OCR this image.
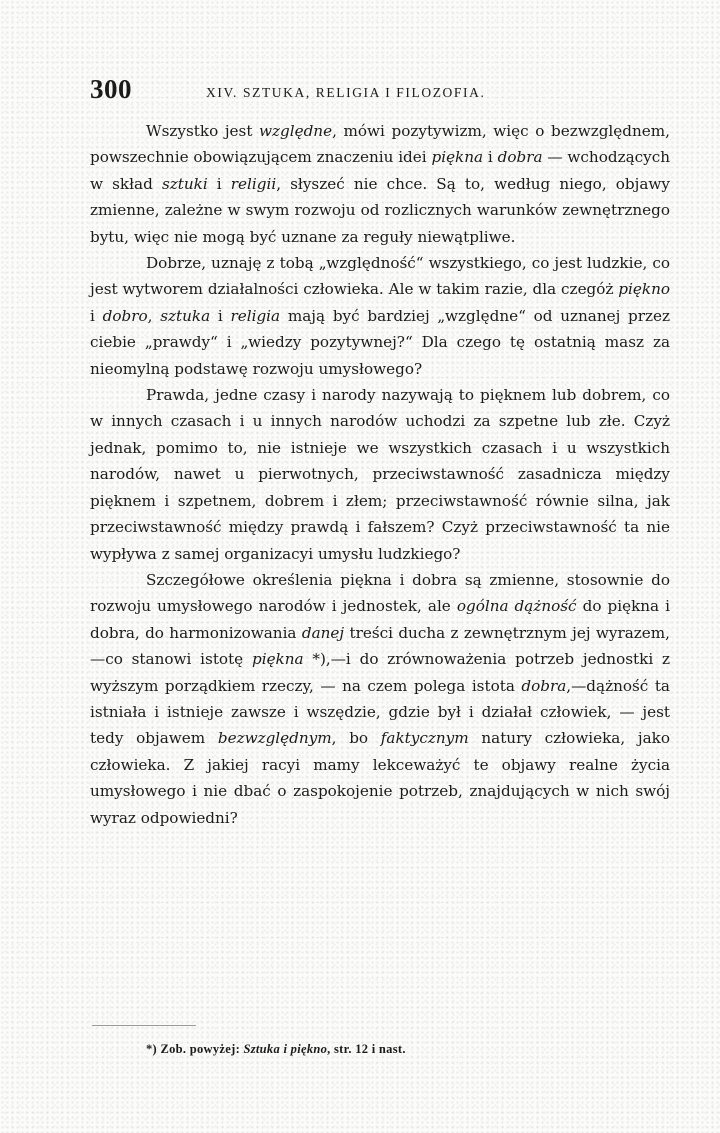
300	XIV. SZTUKA, RELIGIA I FILOZOFIA.

Wszystko jest względne, mówi pozytywizm, więc o bezwzględnem, powszechnie obowiązującem znaczeniu idei piękna i dobra — wchodzących w skład sztuki i religii, słyszeć nie chce. Są to, według niego, objawy zmienne, zależne w swym rozwoju od rozlicznych warunków zewnętrznego bytu, więc nie mogą być uznane za reguły niewątpliwe.

Dobrze, uznaję z tobą „względność“ wszystkiego, co jest ludzkie, co jest wytworem działalności człowieka. Ale w takim razie, dla czegóż piękno i dobro, sztuka i religia mają być bardziej „względne“ od uznanej przez ciebie „prawdy“ i „wiedzy pozytywnej?“ Dla czego tę ostatnią masz za nieomylną podstawę rozwoju umysłowego?

Prawda, jedne czasy i narody nazywają to pięknem lub dobrem, co w innych czasach i u innych narodów uchodzi za szpetne lub złe. Czyż jednak, pomimo to, nie istnieje we wszystkich czasach i u wszystkich narodów, nawet u pierwotnych, przeciwstawność zasadnicza między pięknem i szpetnem, dobrem i złem; przeciwstawność równie silna, jak przeciwstawność między prawdą i fałszem? Czyż przeciwstawność ta nie wypływa z samej organizacyi umysłu ludzkiego?

Szczegółowe określenia piękna i dobra są zmienne, stosownie do rozwoju umysłowego narodów i jednostek, ale ogólna dążność do piękna i dobra, do harmonizowania danej treści ducha z zewnętrznym jej wyrazem,—co stanowi istotę piękna *),—i do zrównoważenia potrzeb jednostki z wyższym porządkiem rzeczy, — na czem polega istota dobra,—dążność ta istniała i istnieje zawsze i wszędzie, gdzie był i działał człowiek, — jest tedy objawem bezwzględnym, bo faktycznym natury człowieka, jako człowieka. Z jakiej racyi mamy lekceważyć te objawy realne życia umysłowego i nie dbać o zaspokojenie potrzeb, znajdujących w nich swój wyraz odpowiedni?

*) Zob. powyżej: Sztuka i piękno, str. 12 i nast.
